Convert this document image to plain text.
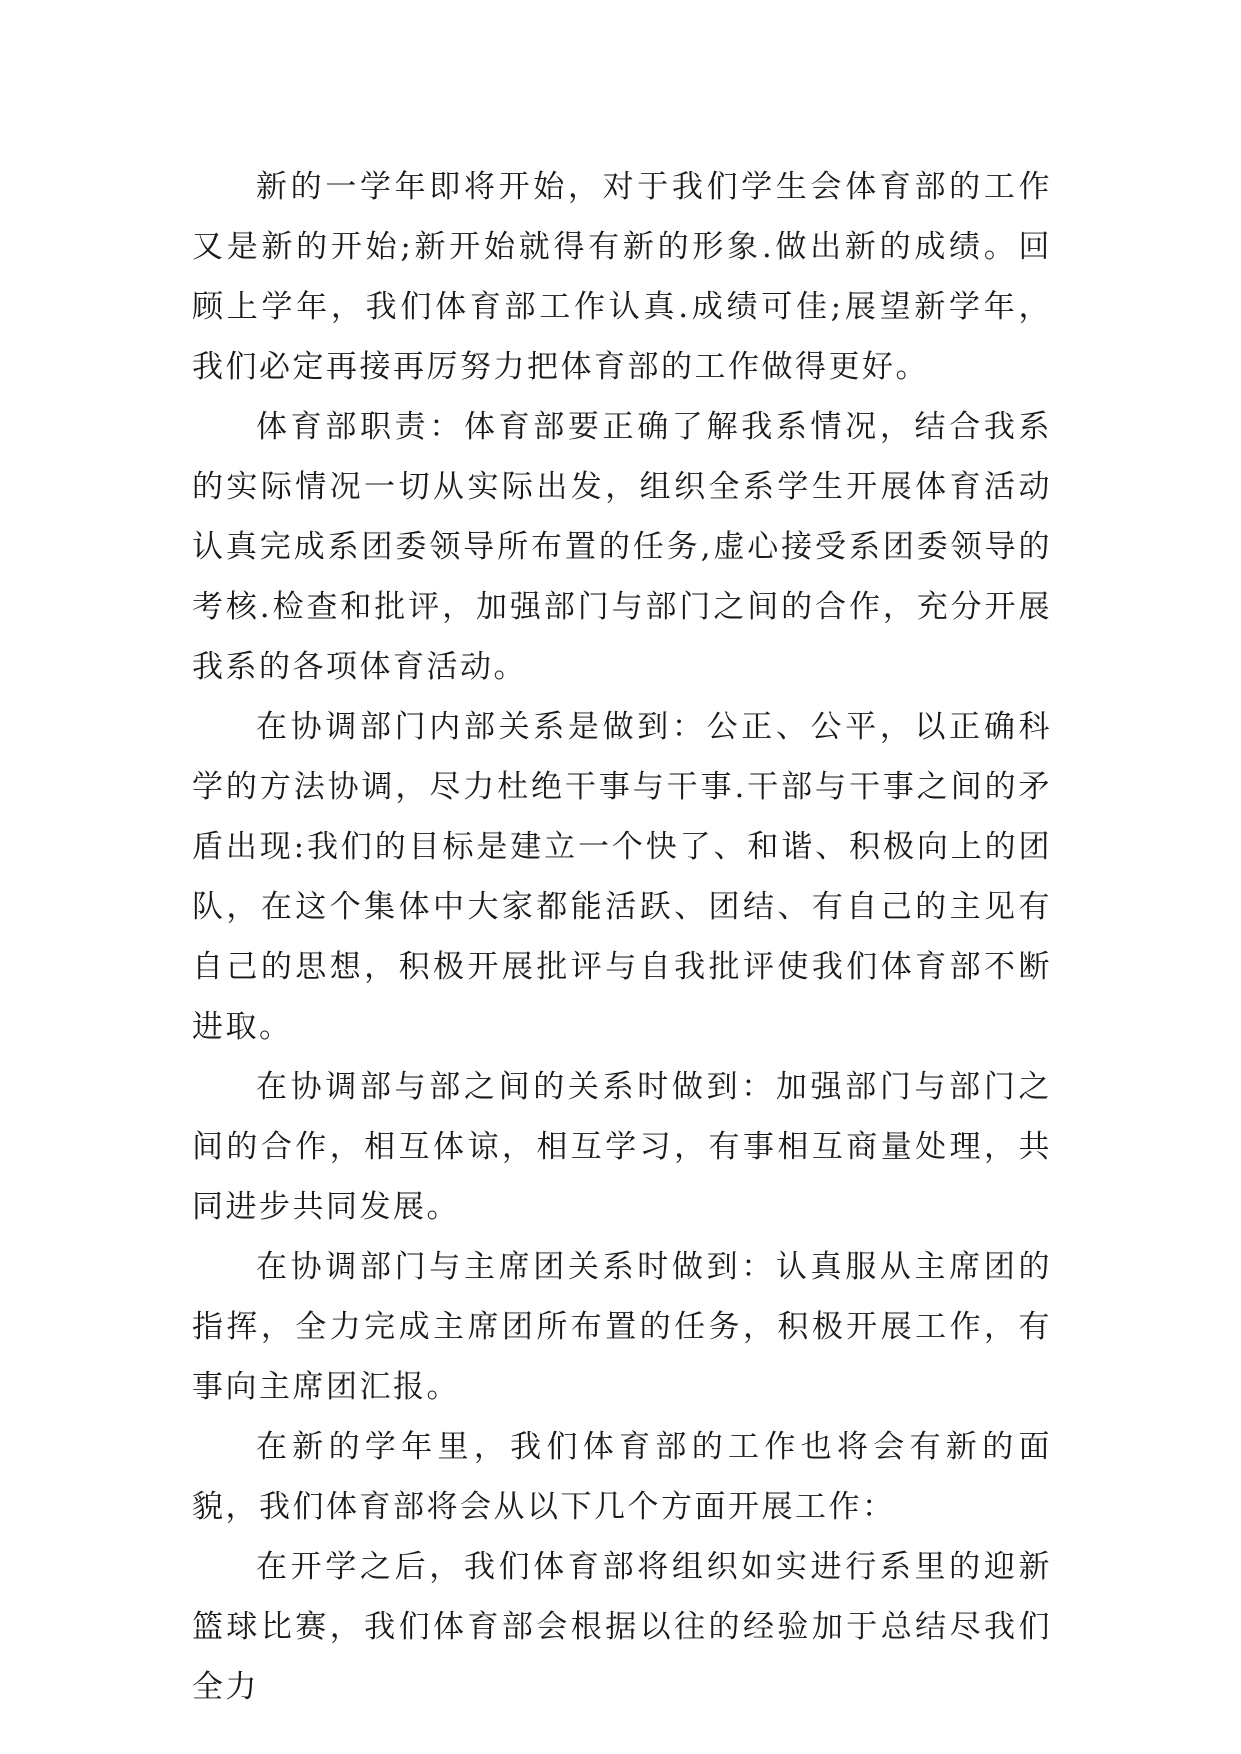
新的一学年即将开始，对于我们学生会体育部的工作又是新的开始;新开始就得有新的形象.做出新的成绩。回顾上学年，我们体育部工作认真.成绩可佳;展望新学年，我们必定再接再厉努力把体育部的工作做得更好。

体育部职责：体育部要正确了解我系情况，结合我系的实际情况一切从实际出发，组织全系学生开展体育活动认真完成系团委领导所布置的任务,虚心接受系团委领导的考核.检查和批评，加强部门与部门之间的合作，充分开展我系的各项体育活动。

在协调部门内部关系是做到：公正、公平，以正确科学的方法协调，尽力杜绝干事与干事.干部与干事之间的矛盾出现:我们的目标是建立一个快了、和谐、积极向上的团队，在这个集体中大家都能活跃、团结、有自己的主见有自己的思想，积极开展批评与自我批评使我们体育部不断进取。

在协调部与部之间的关系时做到：加强部门与部门之间的合作，相互体谅，相互学习，有事相互商量处理，共同进步共同发展。

在协调部门与主席团关系时做到：认真服从主席团的指挥，全力完成主席团所布置的任务，积极开展工作，有事向主席团汇报。

在新的学年里，我们体育部的工作也将会有新的面貌，我们体育部将会从以下几个方面开展工作：

在开学之后，我们体育部将组织如实进行系里的迎新篮球比赛，我们体育部会根据以往的经验加于总结尽我们全力
